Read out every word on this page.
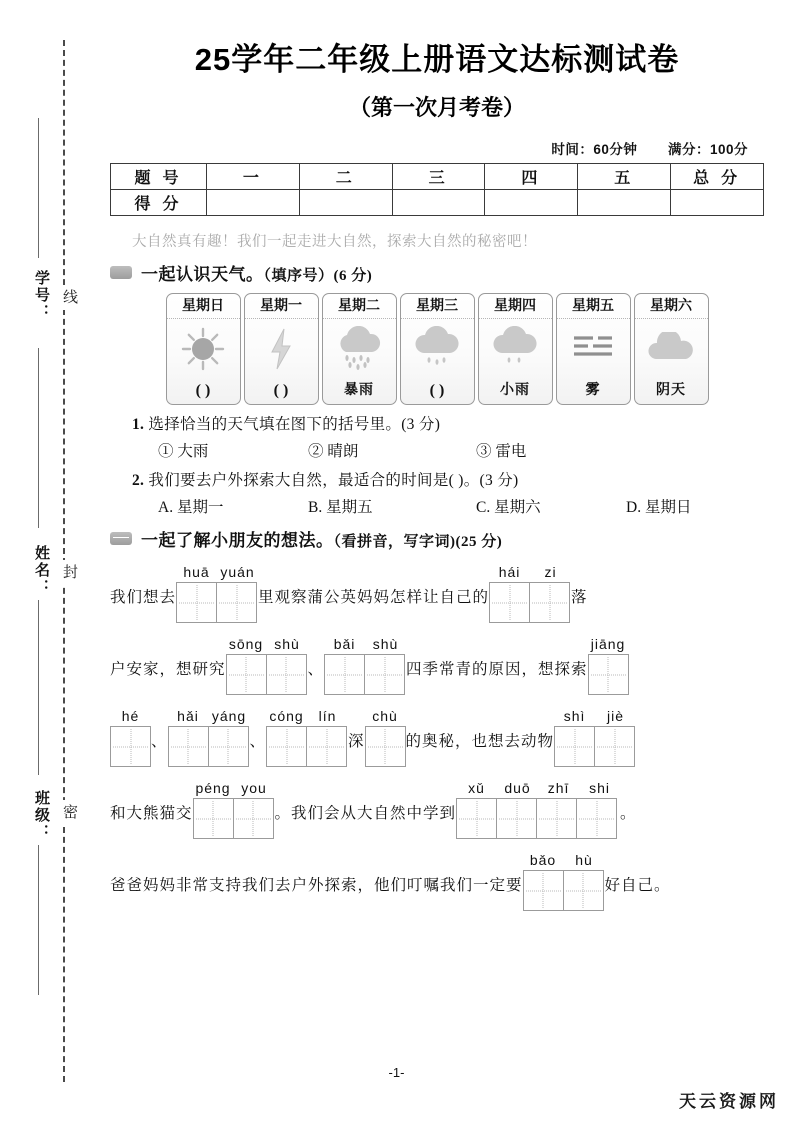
学号：
姓名：
班级：
线
封
密
25学年二年级上册语文达标测试卷
（第一次月考卷）
时间：60分钟 满分：100分
题 号	一	二	三	四	五	总 分
得 分						
大自然真有趣！我们一起走进大自然，探索大自然的秘密吧！
一起认识天气。（填序号）(6 分)
星期日
( )
星期一
( )
星期二
暴雨
星期三
( )
星期四
小雨
星期五
雾
星期六
阴天
1. 选择恰当的天气填在图下的括号里。(3 分)
① 大雨	② 晴朗	③ 雷电
2. 我们要去户外探索大自然，最适合的时间是( )。(3 分)
A. 星期一	B. 星期五	C. 星期六	D. 星期日
一起了解小朋友的想法。（看拼音，写字词)(25 分)
我们想去
huā yuán
里观察蒲公英妈妈怎样让自己的
hái	zi
落
户安家，想研究
sōng shù
、
bǎi	shù
四季常青的原因，想探索
jiāng
hé
、
hǎi yáng
、
cóng	lín
深
chù
的奥秘，也想去动物
shì	jiè
和大熊猫交
péng you
。我们会从大自然中学到
xǔ	duō	zhī	shi
。
爸爸妈妈非常支持我们去户外探索，他们叮嘱我们一定要
bǎo	hù
好自己。
-1-
天云资源网
